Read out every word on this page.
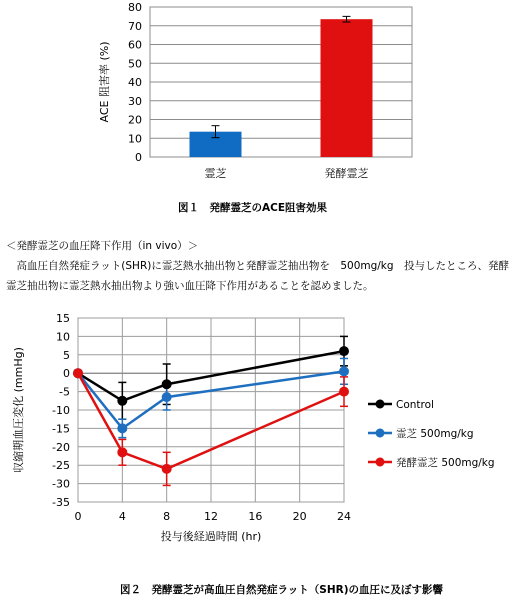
0
10
20
30
40
50
60
70
80
霊芝	発酵霊芝
ACE 阻害率 (%)
図１　発酵霊芝のACE阻害効果
＜発酵霊芝の血圧降下作用（in vivo）＞
　高血圧自然発症ラット(SHR)に霊芝熱水抽出物と発酵霊芝抽出物を　500mg/kg　投与したところ、発酵
霊芝抽出物に霊芝熱水抽出物より強い血圧降下作用があることを認めました。
15
10
5
0
-5
-10
-15
-20
-25
-30
-35
0	4	8	12	16	20	24
Control
霊芝 500mg/kg
発酵霊芝 500mg/kg
投与後経過時間 (hr)
収縮期血圧変化 (mmHg)
図２　発酵霊芝が高血圧自然発症ラット（SHR)の血圧に及ぼす影響
